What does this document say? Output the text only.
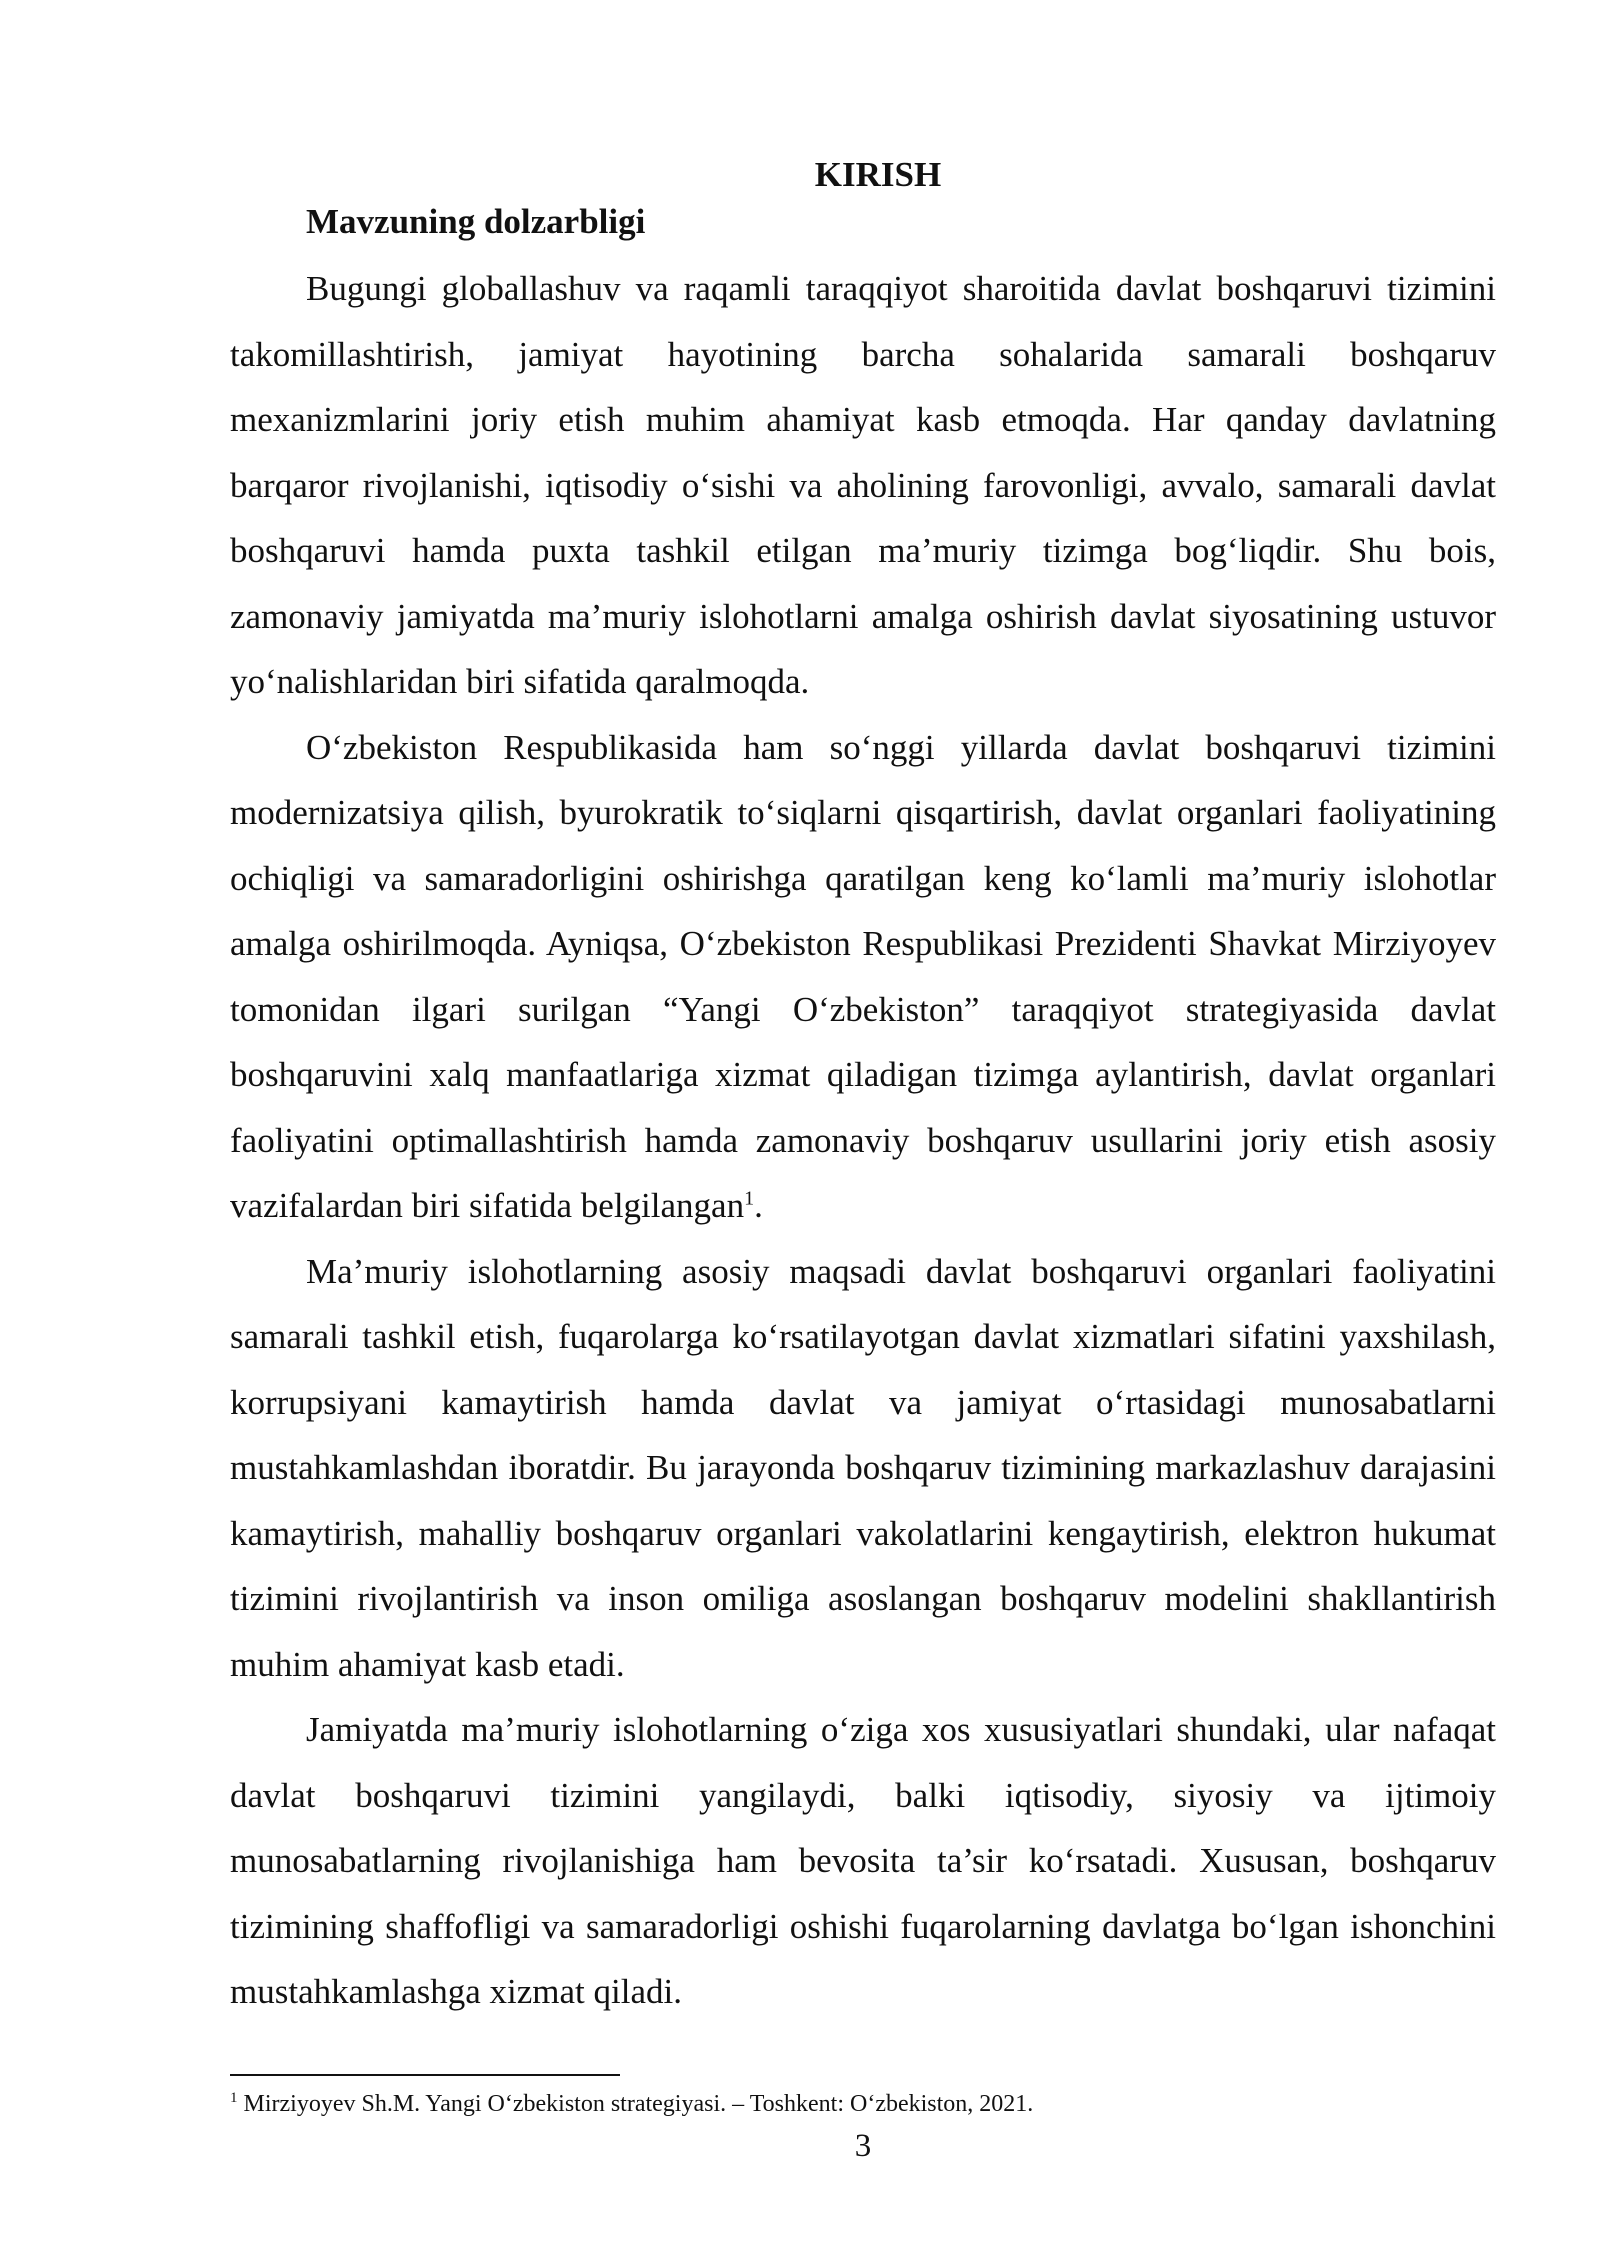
KIRISH
Mavzuning dolzarbligi

Bugungi globallashuv va raqamli taraqqiyot sharoitida davlat boshqaruvi tizimini takomillashtirish, jamiyat hayotining barcha sohalarida samarali boshqaruv mexanizmlarini joriy etish muhim ahamiyat kasb etmoqda. Har qanday davlatning barqaror rivojlanishi, iqtisodiy o‘sishi va aholining farovonligi, avvalo, samarali davlat boshqaruvi hamda puxta tashkil etilgan ma’muriy tizimga bog‘liqdir. Shu bois, zamonaviy jamiyatda ma’muriy islohotlarni amalga oshirish davlat siyosatining ustuvor yo‘nalishlaridan biri sifatida qaralmoqda.

O‘zbekiston Respublikasida ham so‘nggi yillarda davlat boshqaruvi tizimini modernizatsiya qilish, byurokratik to‘siqlarni qisqartirish, davlat organlari faoliyatining ochiqligi va samaradorligini oshirishga qaratilgan keng ko‘lamli ma’muriy islohotlar amalga oshirilmoqda. Ayniqsa, O‘zbekiston Respublikasi Prezidenti Shavkat Mirziyoyev tomonidan ilgari surilgan “Yangi O‘zbekiston” taraqqiyot strategiyasida davlat boshqaruvini xalq manfaatlariga xizmat qiladigan tizimga aylantirish, davlat organlari faoliyatini optimallashtirish hamda zamonaviy boshqaruv usullarini joriy etish asosiy vazifalardan biri sifatida belgilangan$^1$.

Ma’muriy islohotlarning asosiy maqsadi davlat boshqaruvi organlari faoliyatini samarali tashkil etish, fuqarolarga ko‘rsatilayotgan davlat xizmatlari sifatini yaxshilash, korrupsiyani kamaytirish hamda davlat va jamiyat o‘rtasidagi munosabatlarni mustahkamlashdan iboratdir. Bu jarayonda boshqaruv tizimining markazlashuv darajasini kamaytirish, mahalliy boshqaruv organlari vakolatlarini kengaytirish, elektron hukumat tizimini rivojlantirish va inson omiliga asoslangan boshqaruv modelini shakllantirish muhim ahamiyat kasb etadi.

Jamiyatda ma’muriy islohotlarning o‘ziga xos xususiyatlari shundaki, ular nafaqat davlat boshqaruvi tizimini yangilaydi, balki iqtisodiy, siyosiy va ijtimoiy munosabatlarning rivojlanishiga ham bevosita ta’sir ko‘rsatadi. Xususan, boshqaruv tizimining shaffofligi va samaradorligi oshishi fuqarolarning davlatga bo‘lgan ishonchini mustahkamlashga xizmat qiladi.

$^1$ Mirziyoyev Sh.M. Yangi O‘zbekiston strategiyasi. – Toshkent: O‘zbekiston, 2021.

3
